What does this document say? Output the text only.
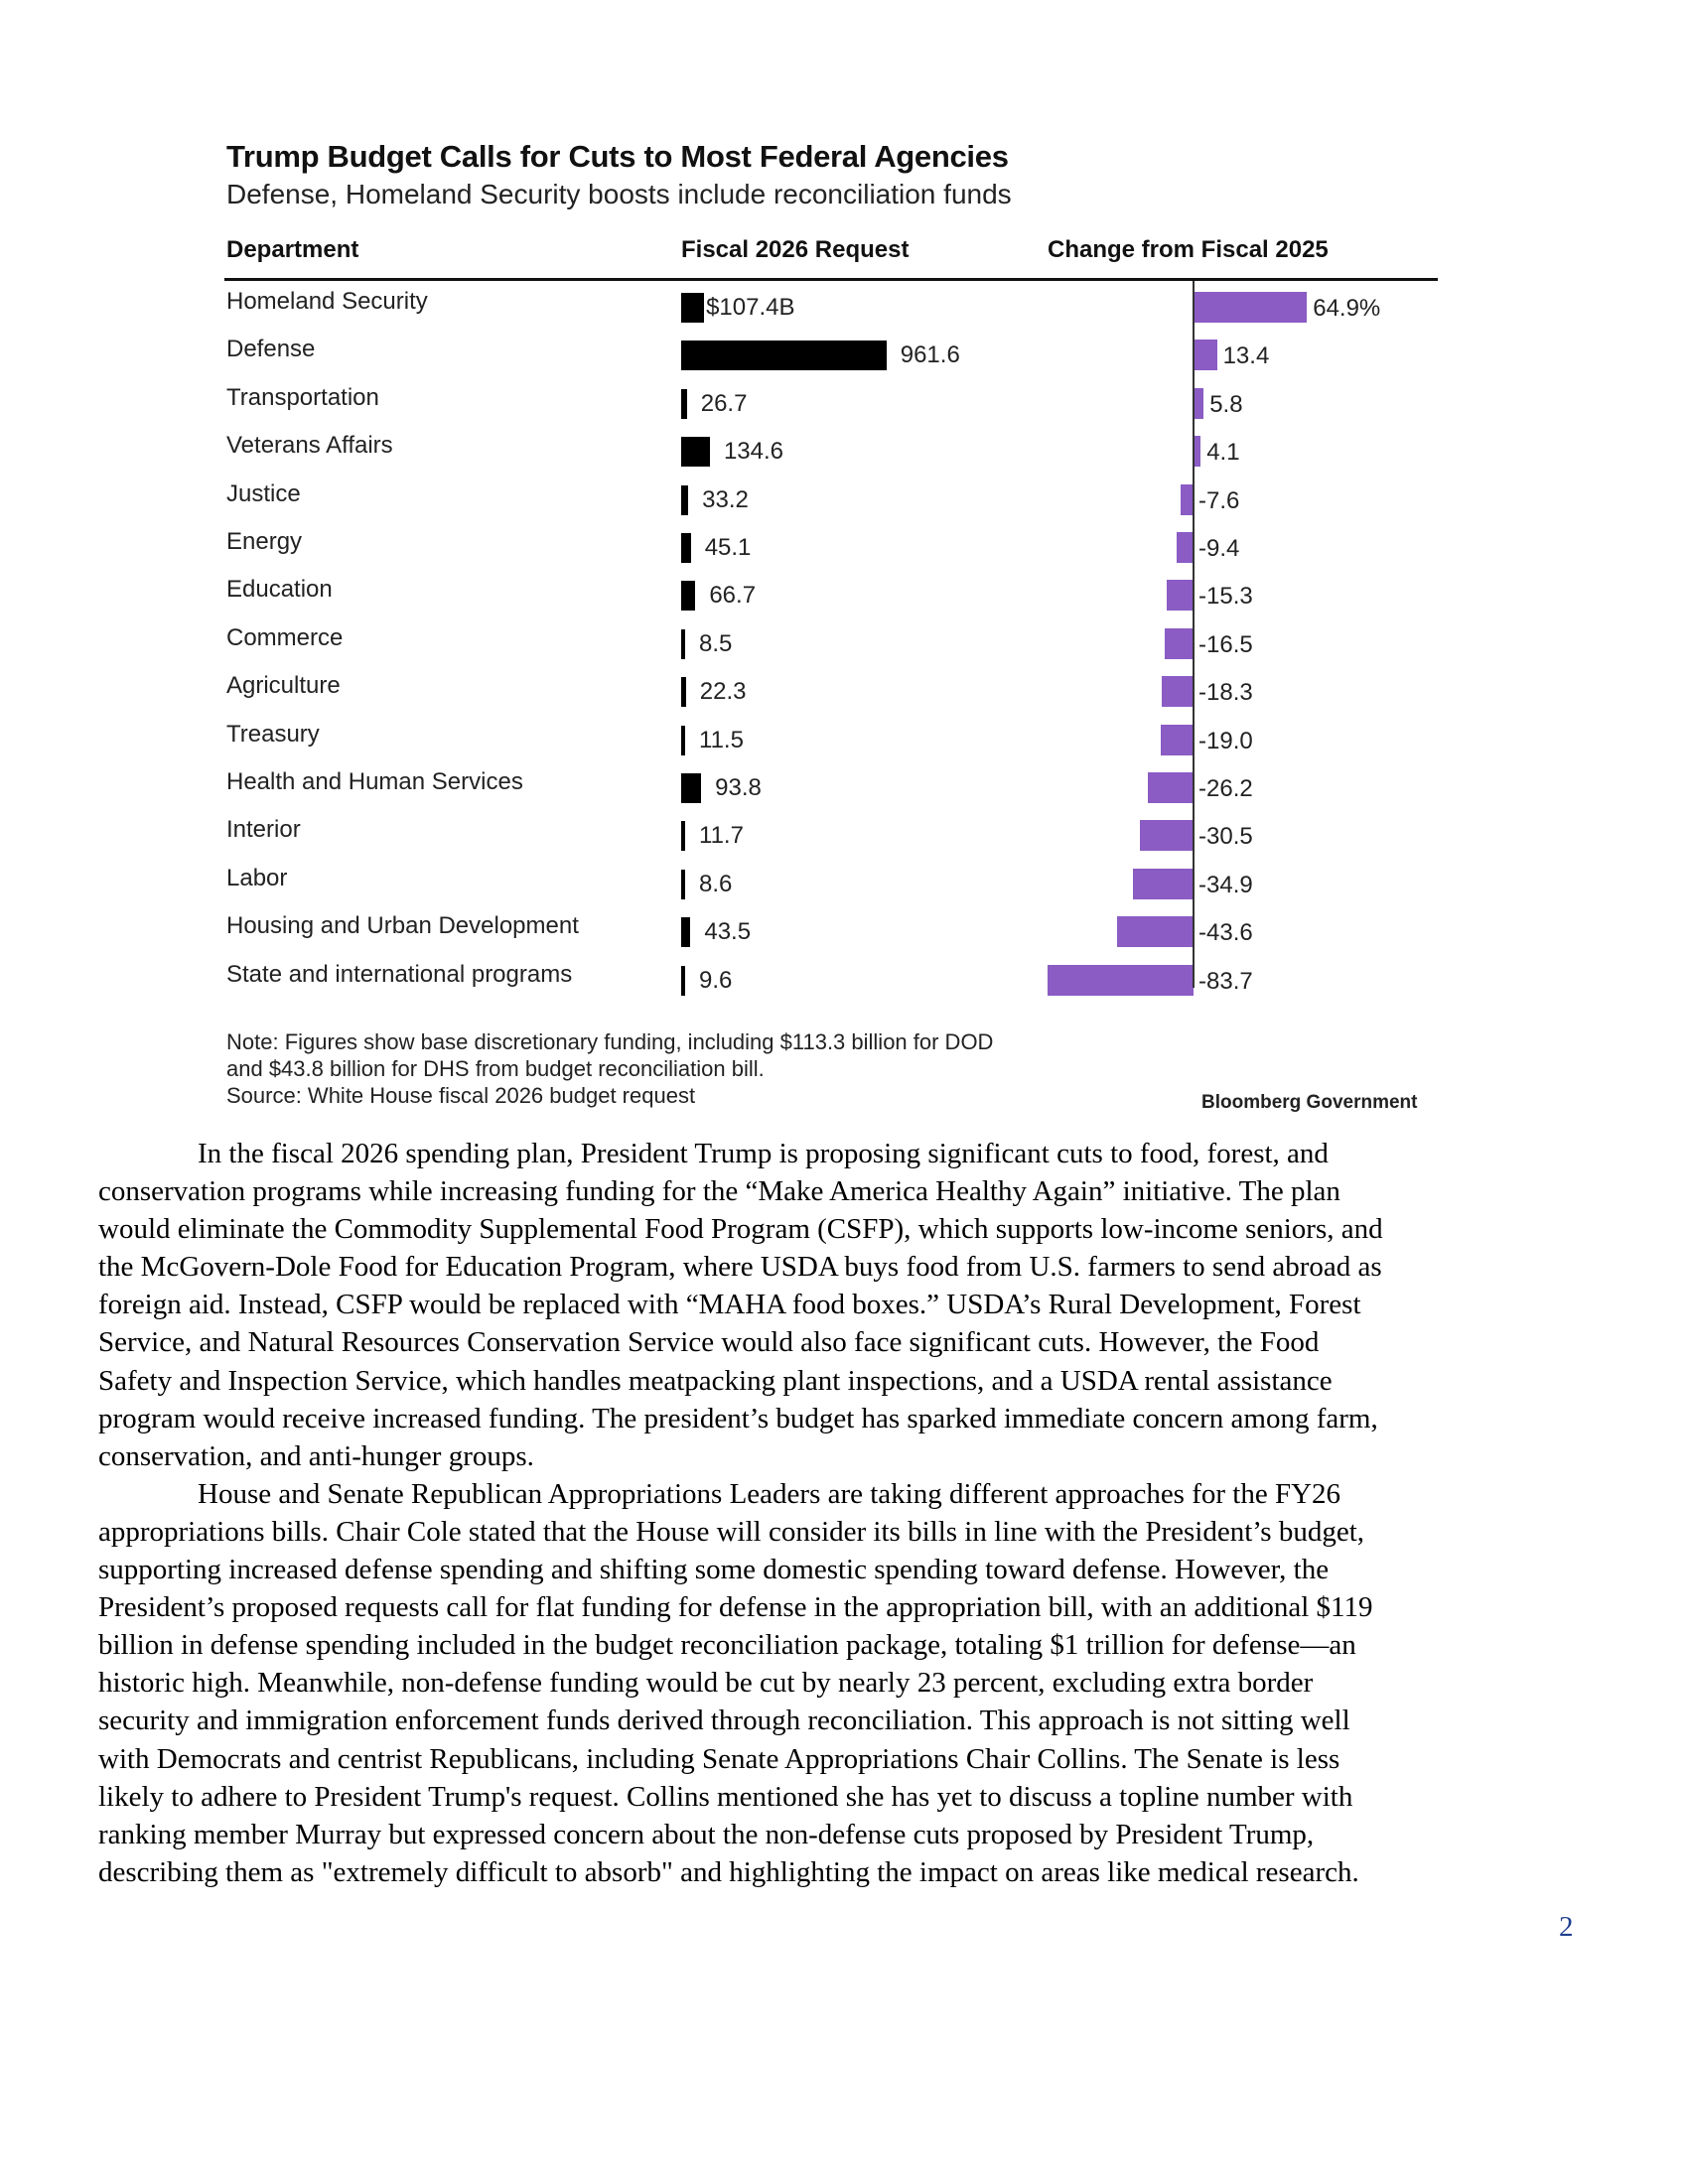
Trump Budget Calls for Cuts to Most Federal Agencies
Defense, Homeland Security boosts include reconciliation funds
Department	Fiscal 2026 Request	Change from Fiscal 2025
Homeland Security	$107.4B	64.9%
Defense	961.6	13.4
Transportation	26.7	5.8
Veterans Affairs	134.6	4.1
Justice	33.2	-7.6
Energy	45.1	-9.4
Education	66.7	-15.3
Commerce	8.5	-16.5
Agriculture	22.3	-18.3
Treasury	11.5	-19.0
Health and Human Services	93.8	-26.2
Interior	11.7	-30.5
Labor	8.6	-34.9
Housing and Urban Development	43.5	-43.6
State and international programs	9.6	-83.7
Note: Figures show base discretionary funding, including $113.3 billion for DOD
and $43.8 billion for DHS from budget reconciliation bill.
Source: White House fiscal 2026 budget request	Bloomberg Government
In the fiscal 2026 spending plan, President Trump is proposing significant cuts to food, forest, and
conservation programs while increasing funding for the “Make America Healthy Again” initiative. The plan
would eliminate the Commodity Supplemental Food Program (CSFP), which supports low-income seniors, and
the McGovern-Dole Food for Education Program, where USDA buys food from U.S. farmers to send abroad as
foreign aid. Instead, CSFP would be replaced with “MAHA food boxes.” USDA’s Rural Development, Forest
Service, and Natural Resources Conservation Service would also face significant cuts. However, the Food
Safety and Inspection Service, which handles meatpacking plant inspections, and a USDA rental assistance
program would receive increased funding. The president’s budget has sparked immediate concern among farm,
conservation, and anti-hunger groups.
House and Senate Republican Appropriations Leaders are taking different approaches for the FY26
appropriations bills. Chair Cole stated that the House will consider its bills in line with the President’s budget,
supporting increased defense spending and shifting some domestic spending toward defense. However, the
President’s proposed requests call for flat funding for defense in the appropriation bill, with an additional $119
billion in defense spending included in the budget reconciliation package, totaling $1 trillion for defense—an
historic high. Meanwhile, non-defense funding would be cut by nearly 23 percent, excluding extra border
security and immigration enforcement funds derived through reconciliation. This approach is not sitting well
with Democrats and centrist Republicans, including Senate Appropriations Chair Collins. The Senate is less
likely to adhere to President Trump's request. Collins mentioned she has yet to discuss a topline number with
ranking member Murray but expressed concern about the non-defense cuts proposed by President Trump,
describing them as "extremely difficult to absorb" and highlighting the impact on areas like medical research.
2
